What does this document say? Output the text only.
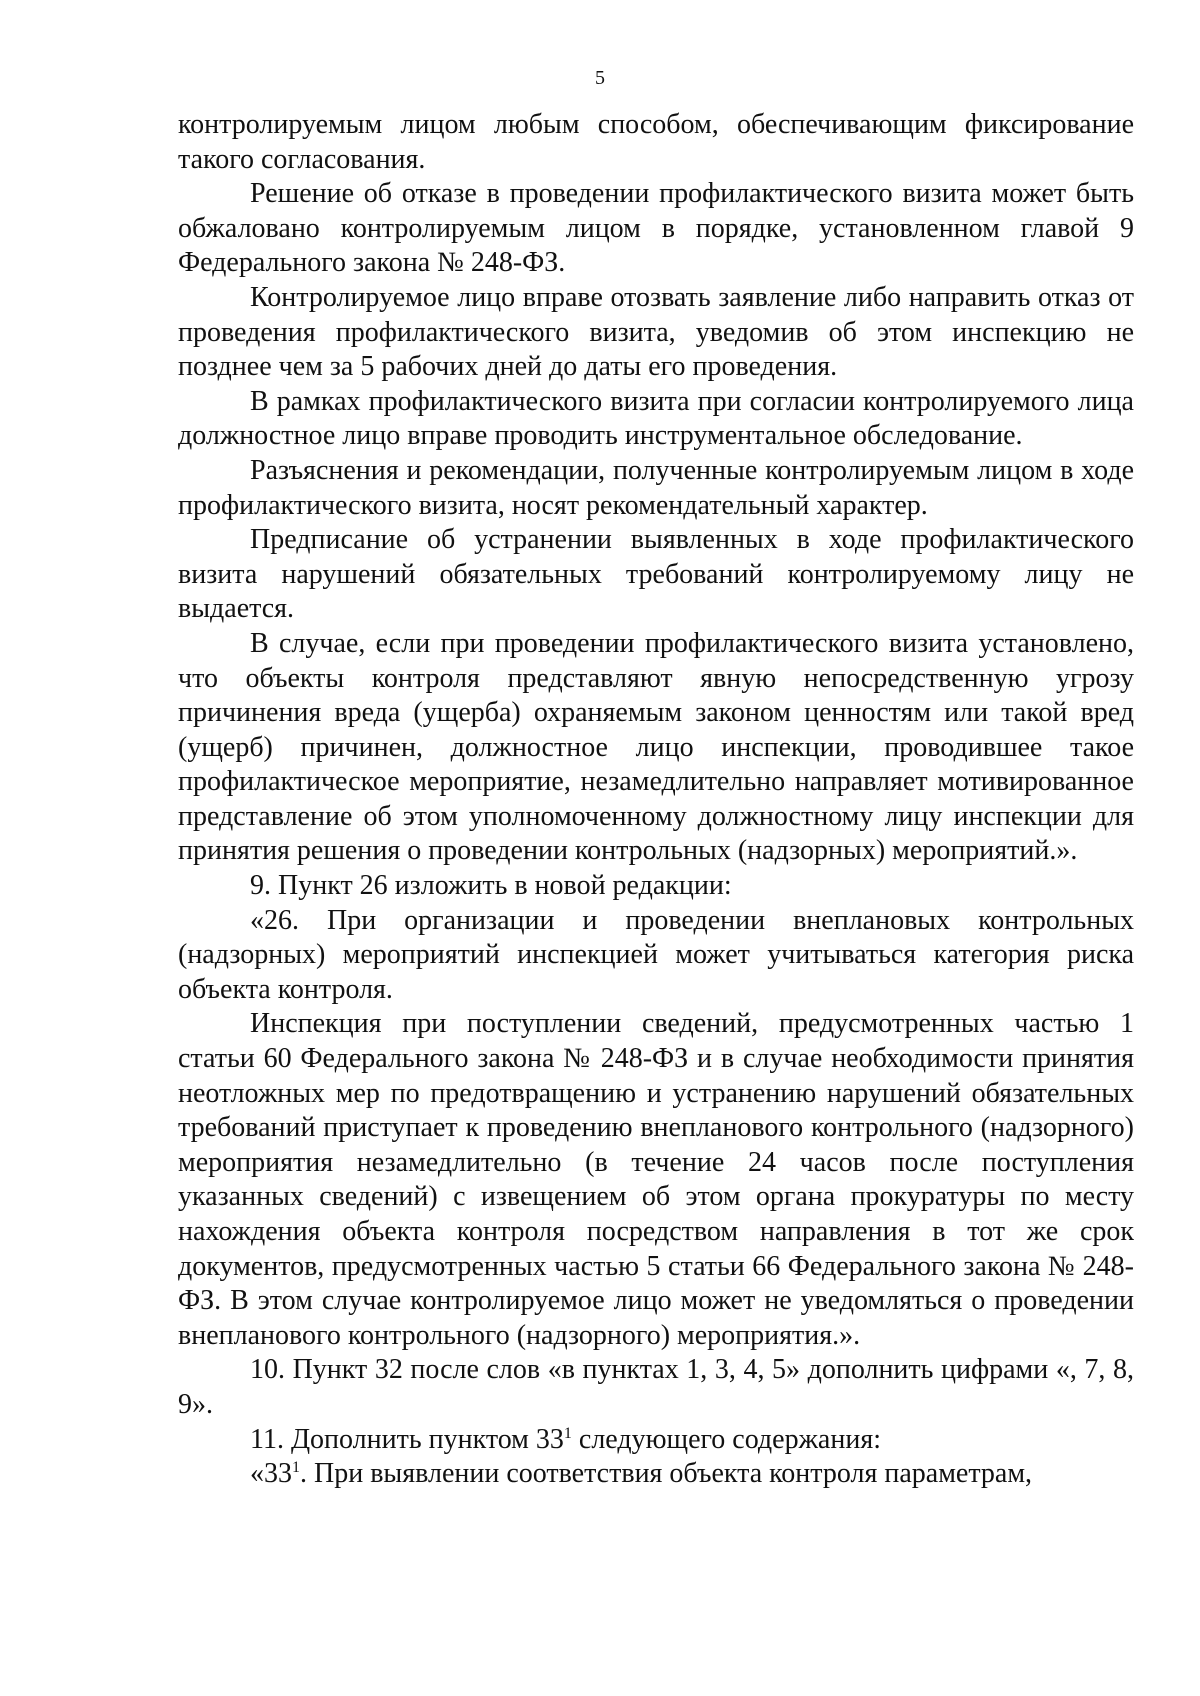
5

контролируемым лицом любым способом, обеспечивающим фиксирование такого согласования.

Решение об отказе в проведении профилактического визита может быть обжаловано контролируемым лицом в порядке, установленном главой 9 Федерального закона № 248-ФЗ.

Контролируемое лицо вправе отозвать заявление либо направить отказ от проведения профилактического визита, уведомив об этом инспекцию не позднее чем за 5 рабочих дней до даты его проведения.

В рамках профилактического визита при согласии контролируемого лица должностное лицо вправе проводить инструментальное обследование.

Разъяснения и рекомендации, полученные контролируемым лицом в ходе профилактического визита, носят рекомендательный характер.

Предписание об устранении выявленных в ходе профилактического визита нарушений обязательных требований контролируемому лицу не выдается.

В случае, если при проведении профилактического визита установлено, что объекты контроля представляют явную непосредственную угрозу причинения вреда (ущерба) охраняемым законом ценностям или такой вред (ущерб) причинен, должностное лицо инспекции, проводившее такое профилактическое мероприятие, незамедлительно направляет мотивированное представление об этом уполномоченному должностному лицу инспекции для принятия решения о проведении контрольных (надзорных) мероприятий.».

9. Пункт 26 изложить в новой редакции:

«26. При организации и проведении внеплановых контрольных (надзорных) мероприятий инспекцией может учитываться категория риска объекта контроля.

Инспекция при поступлении сведений, предусмотренных частью 1 статьи 60 Федерального закона № 248-ФЗ и в случае необходимости принятия неотложных мер по предотвращению и устранению нарушений обязательных требований приступает к проведению внепланового контрольного (надзорного) мероприятия незамедлительно (в течение 24 часов после поступления указанных сведений) с извещением об этом органа прокуратуры по месту нахождения объекта контроля посредством направления в тот же срок документов, предусмотренных частью 5 статьи 66 Федерального закона № 248-ФЗ. В этом случае контролируемое лицо может не уведомляться о проведении внепланового контрольного (надзорного) мероприятия.».

10. Пункт 32 после слов «в пунктах 1, 3, 4, 5» дополнить цифрами «, 7, 8, 9».

11. Дополнить пунктом $33^1$ следующего содержания:

«$33^1$. При выявлении соответствия объекта контроля параметрам,
